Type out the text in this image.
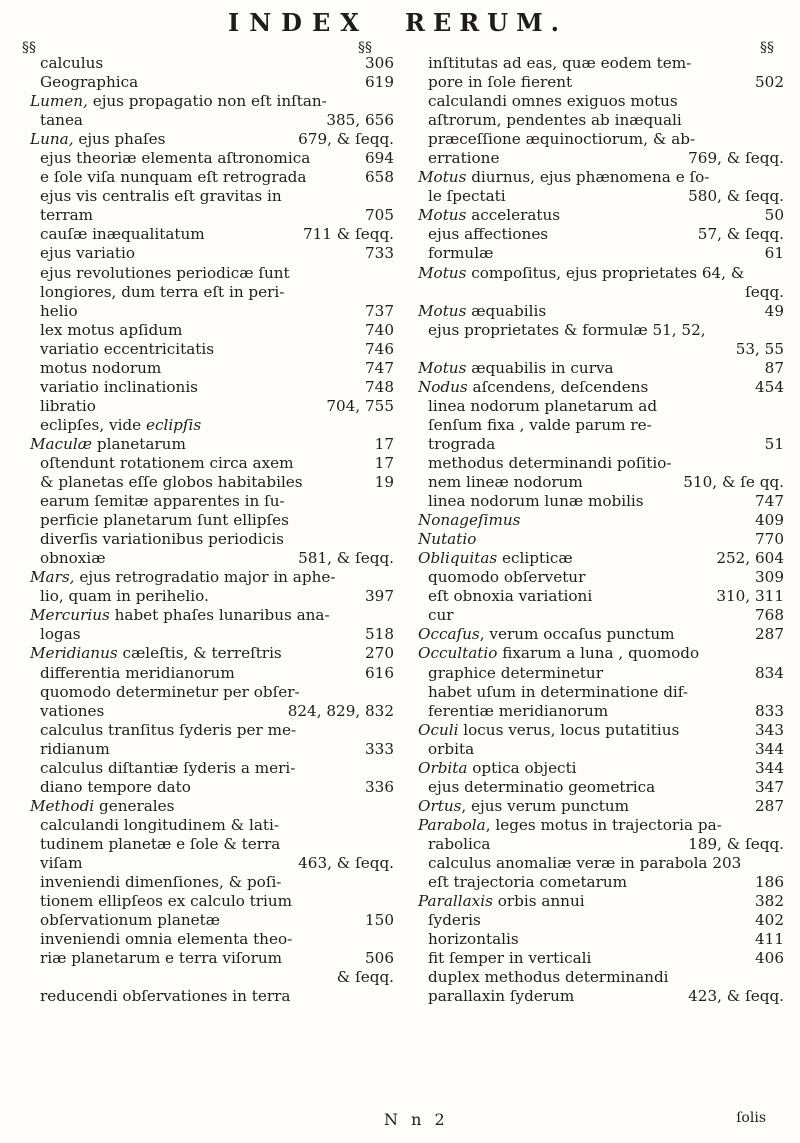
§§
INDEX RERUM.
§§	§§
calculus	306
Geographica	619
Lumen, ejus propagatio non eſt inſtan-
tanea	385, 656
Luna, ejus phaſes	679, & ſeqq.
ejus theoriæ elementa aſtronomica	694
e ſole viſa nunquam eſt retrograda	658
ejus vis centralis eſt gravitas in
terram	705
cauſæ inæqualitatum	711 & ſeqq.
ejus variatio	733
ejus revolutiones periodicæ ſunt
longiores, dum terra eſt in peri-
helio	737
lex motus apſidum	740
variatio eccentricitatis	746
motus nodorum	747
variatio inclinationis	748
libratio	704, 755
eclipſes, vide eclipſis
Maculæ planetarum	17
oſtendunt rotationem circa axem	17
& planetas eſſe globos habitabiles	19
earum ſemitæ apparentes in ſu-
perficie planetarum ſunt ellipſes
diverſis variationibus periodicis
obnoxiæ	581, & ſeqq.
Mars, ejus retrogradatio major in aphe-
lio, quam in perihelio.	397
Mercurius habet phaſes lunaribus ana-
logas	518
Meridianus cæleſtis, & terreſtris	270
differentia meridianorum	616
quomodo determinetur per obſer-
vationes	824, 829, 832
calculus tranſitus ſyderis per me-
ridianum	333
calculus diſtantiæ ſyderis a meri-
diano tempore dato	336
Methodi generales
calculandi longitudinem & lati-
tudinem planetæ e ſole & terra
viſam	463, & ſeqq.
inveniendi dimenſiones, & poſi-
tionem ellipſeos ex calculo trium
obſervationum planetæ	150
inveniendi omnia elementa theo-
riæ planetarum e terra viſorum	506
& ſeqq.
reducendi obſervationes in terra
inſtitutas ad eas, quæ eodem tem-
pore in ſole fierent	502
calculandi omnes exiguos motus
aſtrorum, pendentes ab inæquali
præceſſione æquinoctiorum, & ab-
erratione	769, & ſeqq.
Motus diurnus, ejus phænomena e ſo-
le ſpectati	580, & ſeqq.
Motus acceleratus	50
ejus affectiones	57, & ſeqq.
formulæ	61
Motus compoſitus, ejus proprietates 64, &
ſeqq.
Motus æquabilis	49
ejus proprietates & formulæ 51, 52,
53, 55
Motus æquabilis in curva	87
Nodus aſcendens, deſcendens	454
linea nodorum planetarum ad
ſenſum fixa , valde parum re-
trograda	51
methodus determinandi poſitio-
nem lineæ nodorum	510, & ſe qq.
linea nodorum lunæ mobilis	747
Nonageſimus	409
Nutatio	770
Obliquitas eclipticæ	252, 604
quomodo obſervetur	309
eſt obnoxia variationi	310, 311
cur	768
Occaſus, verum occaſus punctum	287
Occultatio fixarum a luna , quomodo
graphice determinetur	834
habet uſum in determinatione dif-
ferentiæ meridianorum	833
Oculi locus verus, locus putatitius	343
orbita	344
Orbita optica objecti	344
ejus determinatio geometrica	347
Ortus, ejus verum punctum	287
Parabola, leges motus in trajectoria pa-
rabolica	189, & ſeqq.
calculus anomaliæ veræ in parabola 203
eſt trajectoria cometarum	186
Parallaxis orbis annui	382
ſyderis	402
horizontalis	411
fit ſemper in verticali	406
duplex methodus determinandi
parallaxin ſyderum	423, & ſeqq.
N n 2	ſolis
